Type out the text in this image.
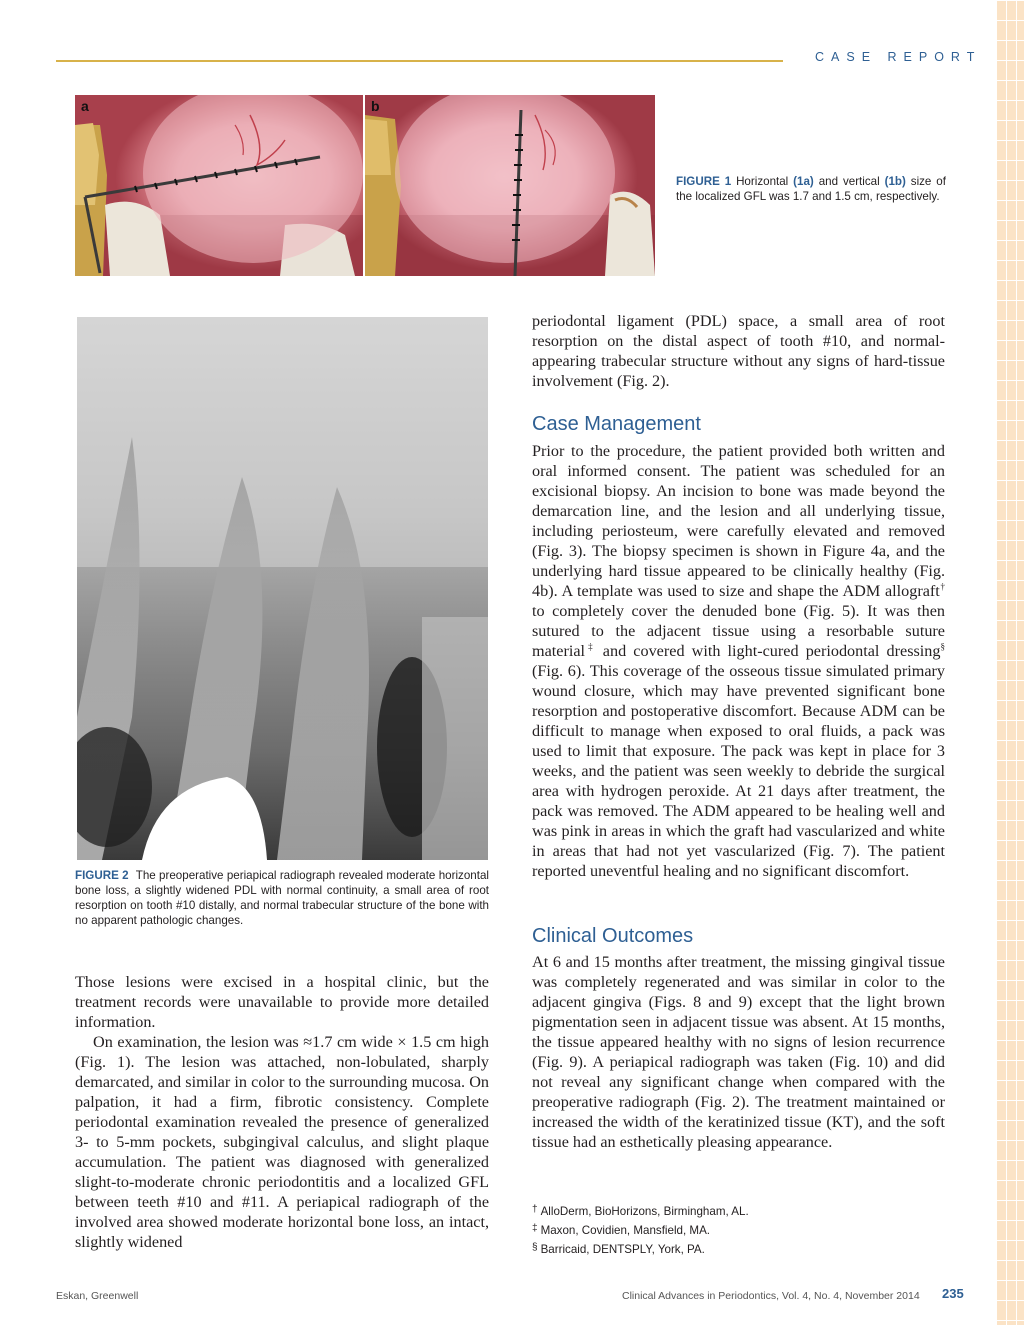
CASE REPORT
a	b
FIGURE 1 Horizontal (1a) and vertical (1b) size of the localized GFL was 1.7 and 1.5 cm, respectively.
FIGURE 2 The preoperative periapical radiograph revealed moderate horizontal bone loss, a slightly widened PDL with normal continuity, a small area of root resorption on tooth #10 distally, and normal trabecular structure of the bone with no apparent pathologic changes.

Those lesions were excised in a hospital clinic, but the treatment records were unavailable to provide more detailed information.

On examination, the lesion was ≈1.7 cm wide × 1.5 cm high (Fig. 1). The lesion was attached, non-lobulated, sharply demarcated, and similar in color to the surrounding mucosa. On palpation, it had a firm, fibrotic consistency. Complete periodontal examination revealed the presence of generalized 3- to 5-mm pockets, subgingival calculus, and slight plaque accumulation. The patient was diagnosed with generalized slight-to-moderate chronic periodontitis and a localized GFL between teeth #10 and #11. A periapical radiograph of the involved area showed moderate horizontal bone loss, an intact, slightly widened

periodontal ligament (PDL) space, a small area of root resorption on the distal aspect of tooth #10, and normal-appearing trabecular structure without any signs of hard-tissue involvement (Fig. 2).

Case Management

Prior to the procedure, the patient provided both written and oral informed consent. The patient was scheduled for an excisional biopsy. An incision to bone was made beyond the demarcation line, and the lesion and all underlying tissue, including periosteum, were carefully elevated and removed (Fig. 3). The biopsy specimen is shown in Figure 4a, and the underlying hard tissue appeared to be clinically healthy (Fig. 4b). A template was used to size and shape the ADM allograft† to completely cover the denuded bone (Fig. 5). It was then sutured to the adjacent tissue using a resorbable suture material‡ and covered with light-cured periodontal dressing§ (Fig. 6). This coverage of the osseous tissue simulated primary wound closure, which may have prevented significant bone resorption and postoperative discomfort. Because ADM can be difficult to manage when exposed to oral fluids, a pack was used to limit that exposure. The pack was kept in place for 3 weeks, and the patient was seen weekly to debride the surgical area with hydrogen peroxide. At 21 days after treatment, the pack was removed. The ADM appeared to be healing well and was pink in areas in which the graft had vascularized and white in areas that had not yet vascularized (Fig. 7). The patient reported uneventful healing and no significant discomfort.

Clinical Outcomes

At 6 and 15 months after treatment, the missing gingival tissue was completely regenerated and was similar in color to the adjacent gingiva (Figs. 8 and 9) except that the light brown pigmentation seen in adjacent tissue was absent. At 15 months, the tissue appeared healthy with no signs of lesion recurrence (Fig. 9). A periapical radiograph was taken (Fig. 10) and did not reveal any significant change when compared with the preoperative radiograph (Fig. 2). The treatment maintained or increased the width of the keratinized tissue (KT), and the soft tissue had an esthetically pleasing appearance.

† AlloDerm, BioHorizons, Birmingham, AL.
‡ Maxon, Covidien, Mansfield, MA.
§ Barricaid, DENTSPLY, York, PA.
Eskan, Greenwell	Clinical Advances in Periodontics, Vol. 4, No. 4, November 2014 235
